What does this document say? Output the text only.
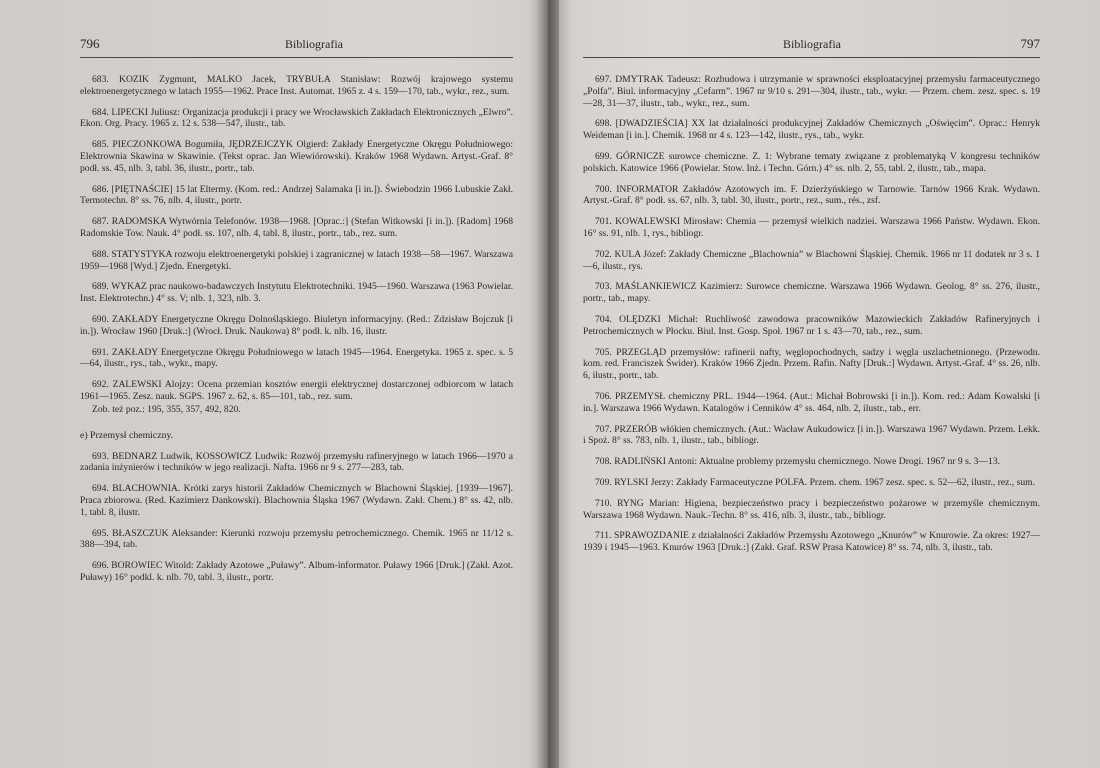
796	Bibliografia

683. KOZIK Zygmunt, MALKO Jacek, TRYBUŁA Stanisław: Rozwój krajowego systemu elektroenergetycznego w latach 1955—1962. Prace Inst. Automat. 1965 z. 4 s. 159—170, tab., wykr., rez., sum.

684. LIPECKI Juliusz: Organizacja produkcji i pracy we Wrocławskich Zakładach Elektronicznych „Elwro”. Ekon. Org. Pracy. 1965 z. 12 s. 538—547, ilustr., tab.

685. PIECZONKOWA Bogumiła, JĘDRZEJCZYK Olgierd: Zakłady Energetyczne Okręgu Południowego: Elektrownia Skawina w Skawinie. (Tekst oprac. Jan Wiewiórowski). Kraków 1968 Wydawn. Artyst.-Graf. 8° podł. ss. 45, nlb. 3, tabl. 36, ilustr., portr., tab.

686. [PIĘTNAŚCIE] 15 lat Eltermy. (Kom. red.: Andrzej Salamaka [i in.]). Świebodzin 1966 Lubuskie Zakł. Termotechn. 8° ss. 76, nlb. 4, ilustr., portr.

687. RADOMSKA Wytwórnia Telefonów. 1938—1968. [Oprac.:] (Stefan Witkowski [i in.]). [Radom] 1968 Radomskie Tow. Nauk. 4° podł. ss. 107, nlb. 4, tabl. 8, ilustr., portr., tab., rez. sum.

688. STATYSTYKA rozwoju elektroenergetyki polskiej i zagranicznej w latach 1938—58—1967. Warszawa 1959—1968 [Wyd.] Zjedn. Energetyki.

689. WYKAZ prac naukowo-badawczych Instytutu Elektrotechniki. 1945—1960. Warszawa (1963 Powielar. Inst. Elektrotechn.) 4° ss. V; nlb. 1, 323, nlb. 3.

690. ZAKŁADY Energetyczne Okręgu Dolnośląskiego. Biuletyn informacyjny. (Red.: Zdzisław Bojczuk [i in.]). Wrocław 1960 [Druk.:] (Wrocł. Druk. Naukowa) 8° podł. k. nlb. 16, ilustr.

691. ZAKŁADY Energetyczne Okręgu Południowego w latach 1945—1964. Energetyka. 1965 z. spec. s. 5—64, ilustr., rys., tab., wykr., mapy.

692. ZALEWSKI Alojzy: Ocena przemian kosztów energii elektrycznej dostarczonej odbiorcom w latach 1961—1965. Zesz. nauk. SGPS. 1967 z. 62, s. 85—101, tab., rez. sum.

Zob. też poz.: 195, 355, 357, 492, 820.

e) Przemysł chemiczny.

693. BEDNARZ Ludwik, KOSSOWICZ Ludwik: Rozwój przemysłu rafineryjnego w latach 1966—1970 a zadania inżynierów i techników w jego realizacji. Nafta. 1966 nr 9 s. 277—283, tab.

694. BLACHOWNIA. Krótki zarys historii Zakładów Chemicznych w Blachowni Śląskiej. [1939—1967]. Praca zbiorowa. (Red. Kazimierz Dankowski). Blachownia Śląska 1967 (Wydawn. Zakł. Chem.) 8° ss. 42, nlb. 1, tabl. 8, ilustr.

695. BŁASZCZUK Aleksander: Kierunki rozwoju przemysłu petrochemicznego. Chemik. 1965 nr 11/12 s. 388—394, tab.

696. BOROWIEC Witold: Zakłady Azotowe „Puławy”. Album-informator. Puławy 1966 [Druk.] (Zakł. Azot. Puławy) 16° podkl. k. nlb. 70, tabl. 3, ilustr., portr.

Bibliografia	797

697. DMYTRAK Tadeusz: Rozbudowa i utrzymanie w sprawności eksploatacyjnej przemysłu farmaceutycznego „Polfa”. Biul. informacyjny „Cefarm”. 1967 nr 9/10 s. 291—304, ilustr., tab., wykr. — Przem. chem. zesz. spec. s. 19—28, 31—37, ilustr., tab., wykr., rez., sum.

698. [DWADZIEŚCIA] XX lat działalności produkcyjnej Zakładów Chemicznych „Oświęcim”. Oprac.: Henryk Weideman [i in.]. Chemik. 1968 nr 4 s. 123—142, ilustr., rys., tab., wykr.

699. GÓRNICZE surowce chemiczne. Z. 1: Wybrane tematy związane z problematyką V kongresu techników polskich. Katowice 1966 (Powielar. Stow. Inż. i Techn. Górn.) 4° ss. nlb. 2, 55, tabl. 2, ilustr., tab., mapa.

700. INFORMATOR Zakładów Azotowych im. F. Dzierżyńskiego w Tarnowie. Tarnów 1966 Krak. Wydawn. Artyst.-Graf. 8° podł. ss. 67, nlb. 3, tabl. 30, ilustr., portr., rez., sum., rés., zsf.

701. KOWALEWSKI Mirosław: Chemia — przemysł wielkich nadziei. Warszawa 1966 Państw. Wydawn. Ekon. 16° ss. 91, nlb. 1, rys., bibliogr.

702. KULA Józef: Zakłady Chemiczne „Blachownia” w Blachowni Śląskiej. Chemik. 1966 nr 11 dodatek nr 3 s. 1—6, ilustr., rys.

703. MAŚLANKIEWICZ Kazimierz: Surowce chemiczne. Warszawa 1966 Wydawn. Geolog. 8° ss. 276, ilustr., portr., tab., mapy.

704. OLĘDZKI Michał: Ruchliwość zawodowa pracowników Mazowieckich Zakładów Rafineryjnych i Petrochemicznych w Płocku. Biul. Inst. Gosp. Społ. 1967 nr 1 s. 43—70, tab., rez., sum.

705. PRZEGLĄD przemysłów: rafinerii nafty, węglopochodnych, sadzy i węgla uszlachetnionego. (Przewodn. kom. red. Franciszek Świder). Kraków 1966 Zjedn. Przem. Rafin. Nafty [Druk.:] Wydawn. Artyst.-Graf. 4° ss. 26, nlb. 6, ilustr., portr., tab.

706. PRZEMYSŁ chemiczny PRL. 1944—1964. (Aut.: Michał Bobrowski [i in.]). Kom. red.: Adam Kowalski [i in.]. Warszawa 1966 Wydawn. Katalogów i Cenników 4° ss. 464, nlb. 2, ilustr., tab., err.

707. PRZERÓB włókien chemicznych. (Aut.: Wacław Aukudowicz [i in.]). Warszawa 1967 Wydawn. Przem. Lekk. i Spoż. 8° ss. 783, nlb. 1, ilustr., tab., bibliogr.

708. RADLIŃSKI Antoni: Aktualne problemy przemysłu chemicznego. Nowe Drogi. 1967 nr 9 s. 3—13.

709. RYLSKI Jerzy: Zakłady Farmaceutyczne POLFA. Przem. chem. 1967 zesz. spec. s. 52—62, ilustr., rez., sum.

710. RYNG Marian: Higiena, bezpieczeństwo pracy i bezpieczeństwo pożarowe w przemyśle chemicznym. Warszawa 1968 Wydawn. Nauk.-Techn. 8° ss. 416, nlb. 3, ilustr., tab., bibliogr.

711. SPRAWOZDANIE z działalności Zakładów Przemysłu Azotowego „Knurów” w Knurowie. Za okres: 1927—1939 i 1945—1963. Knurów 1963 [Druk.:] (Zakł. Graf. RSW Prasa Katowice) 8° ss. 74, nlb. 3, ilustr., tab.
